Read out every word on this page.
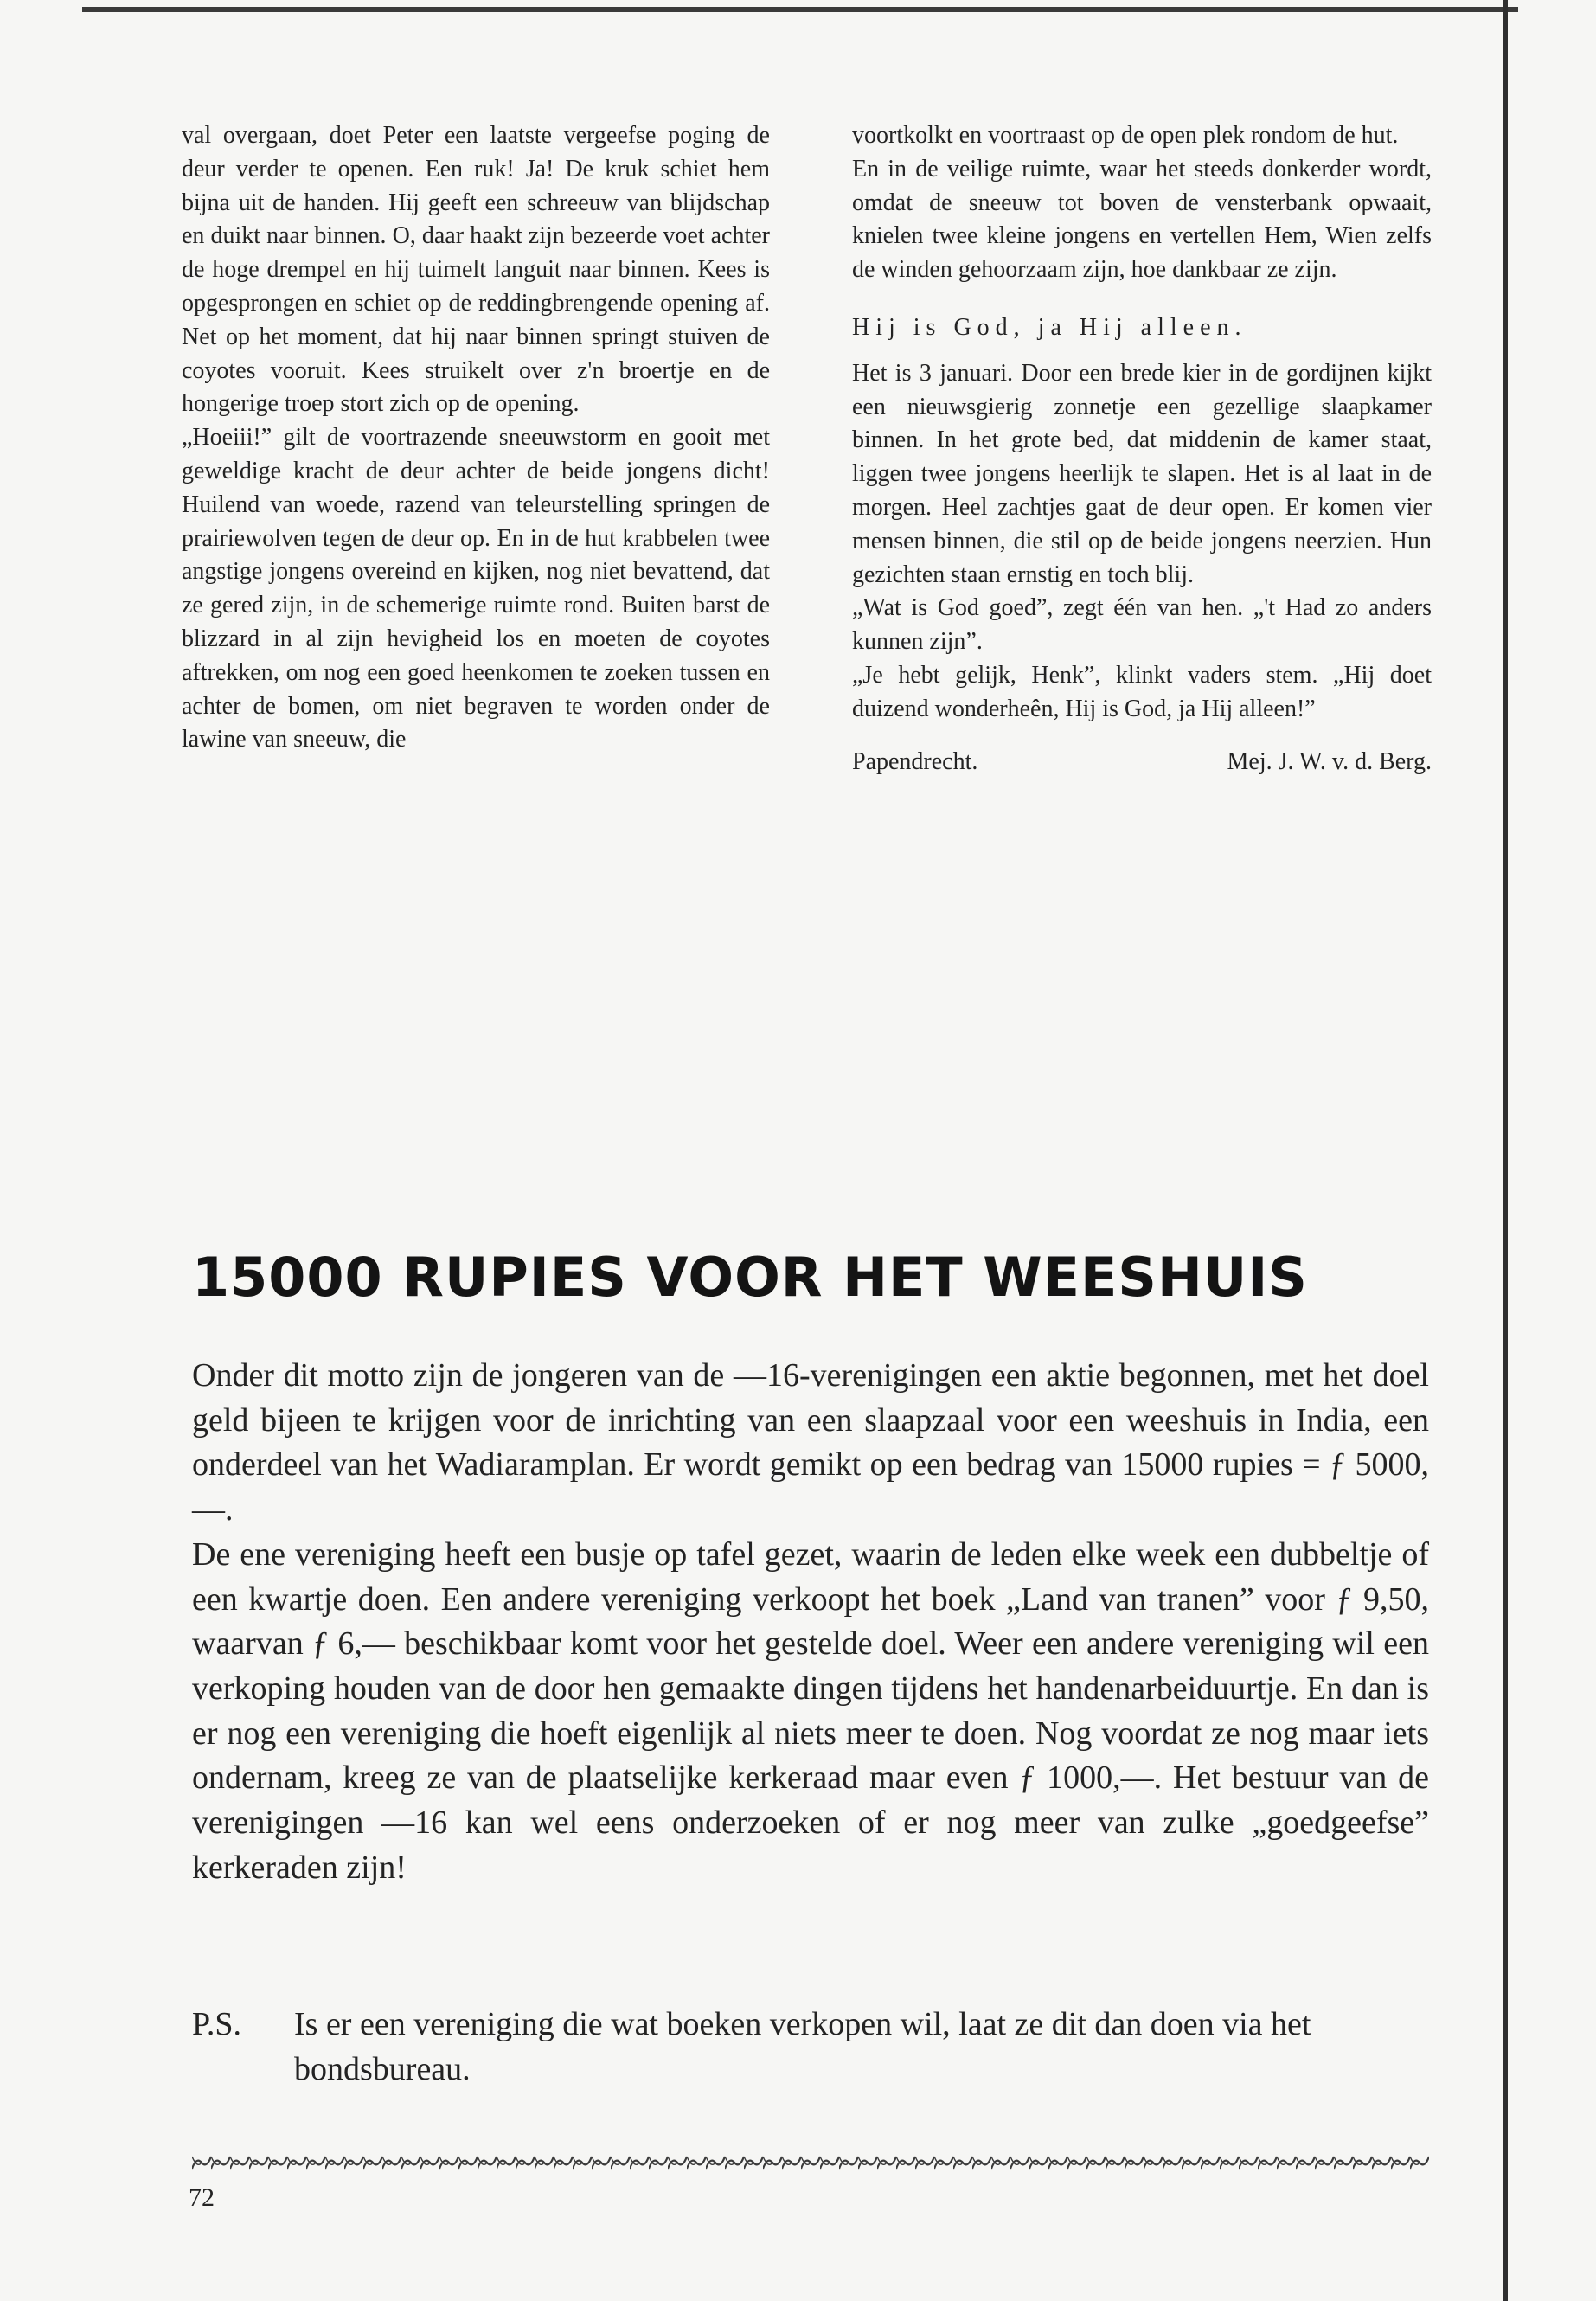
val overgaan, doet Peter een laatste vergeefse poging de deur verder te openen. Een ruk! Ja! De kruk schiet hem bijna uit de handen. Hij geeft een schreeuw van blijdschap en duikt naar binnen. O, daar haakt zijn bezeerde voet achter de hoge drempel en hij tuimelt languit naar binnen. Kees is opgesprongen en schiet op de reddingbrengende opening af. Net op het moment, dat hij naar binnen springt stuiven de coyotes vooruit. Kees struikelt over z'n broertje en de hongerige troep stort zich op de opening.

„Hoeiii!” gilt de voortrazende sneeuwstorm en gooit met geweldige kracht de deur achter de beide jongens dicht! Huilend van woede, razend van teleurstelling springen de prairiewolven tegen de deur op. En in de hut krabbelen twee angstige jongens overeind en kijken, nog niet bevattend, dat ze gered zijn, in de schemerige ruimte rond. Buiten barst de blizzard in al zijn hevigheid los en moeten de coyotes aftrekken, om nog een goed heenkomen te zoeken tussen en achter de bomen, om niet begraven te worden onder de lawine van sneeuw, die

voortkolkt en voortraast op de open plek rondom de hut.

En in de veilige ruimte, waar het steeds donkerder wordt, omdat de sneeuw tot boven de vensterbank opwaait, knielen twee kleine jongens en vertellen Hem, Wien zelfs de winden gehoorzaam zijn, hoe dankbaar ze zijn.

Hij is God, ja Hij alleen.

Het is 3 januari. Door een brede kier in de gordijnen kijkt een nieuwsgierig zonnetje een gezellige slaapkamer binnen. In het grote bed, dat middenin de kamer staat, liggen twee jongens heerlijk te slapen. Het is al laat in de morgen. Heel zachtjes gaat de deur open. Er komen vier mensen binnen, die stil op de beide jongens neerzien. Hun gezichten staan ernstig en toch blij.

„Wat is God goed”, zegt één van hen. „'t Had zo anders kunnen zijn”.

„Je hebt gelijk, Henk”, klinkt vaders stem. „Hij doet duizend wonderheên, Hij is God, ja Hij alleen!”

Papendrecht.	Mej. J. W. v. d. Berg.

15000 RUPIES VOOR HET WEESHUIS

Onder dit motto zijn de jongeren van de —16-verenigingen een aktie begonnen, met het doel geld bijeen te krijgen voor de inrichting van een slaapzaal voor een weeshuis in India, een onderdeel van het Wadiaramplan. Er wordt gemikt op een bedrag van 15000 rupies = ƒ 5000,—.

De ene vereniging heeft een busje op tafel gezet, waarin de leden elke week een dubbeltje of een kwartje doen. Een andere vereniging verkoopt het boek „Land van tranen” voor ƒ 9,50, waarvan ƒ 6,— beschikbaar komt voor het gestelde doel. Weer een andere vereniging wil een verkoping houden van de door hen gemaakte dingen tijdens het handenarbeiduurtje. En dan is er nog een vereniging die hoeft eigenlijk al niets meer te doen. Nog voordat ze nog maar iets ondernam, kreeg ze van de plaatselijke kerkeraad maar even ƒ 1000,—. Het bestuur van de verenigingen —16 kan wel eens onderzoeken of er nog meer van zulke „goedgeefse” kerkeraden zijn!

P.S.	Is er een vereniging die wat boeken verkopen wil, laat ze dit dan doen via het bondsbureau.
72
